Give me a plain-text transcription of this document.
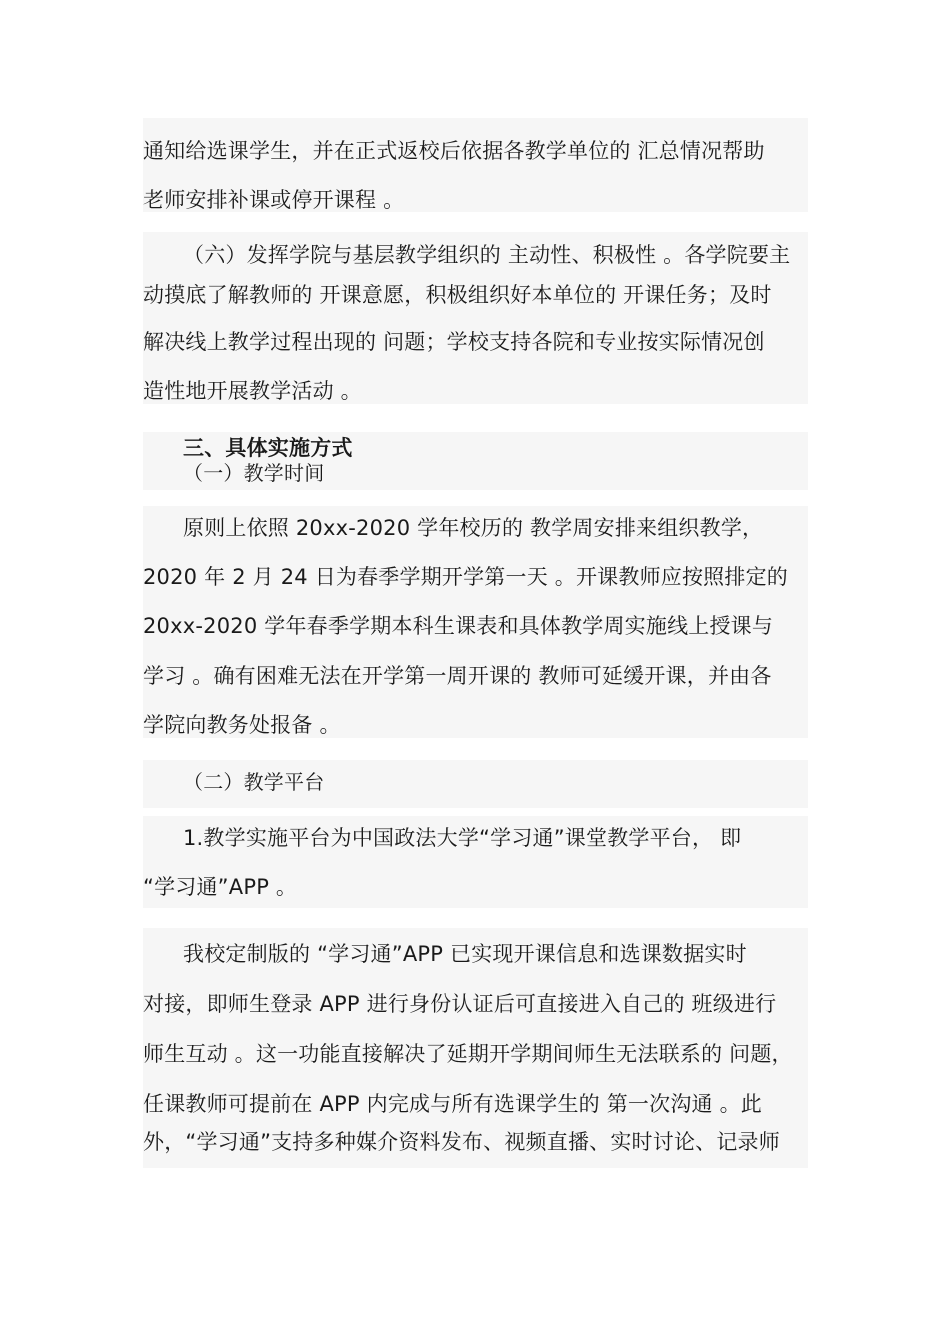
通知给选课学生，并在正式返校后依据各教学单位的 汇总情况帮助
老师安排补课或停开课程 。
（六）发挥学院与基层教学组织的 主动性、积极性 。各学院要主
动摸底了解教师的 开课意愿，积极组织好本单位的 开课任务；及时
解决线上教学过程出现的 问题；学校支持各院和专业按实际情况创
造性地开展教学活动 。
三、具体实施方式
（一）教学时间
原则上依照 20xx-2020 学年校历的 教学周安排来组织教学，
2020 年 2 月 24 日为春季学期开学第一天 。开课教师应按照排定的
20xx-2020 学年春季学期本科生课表和具体教学周实施线上授课与
学习 。确有困难无法在开学第一周开课的 教师可延缓开课，并由各
学院向教务处报备 。
（二）教学平台
1.教学实施平台为中国政法大学“学习通”课堂教学平台， 即
“学习通”APP 。
我校定制版的 “学习通”APP 已实现开课信息和选课数据实时
对接，即师生登录 APP 进行身份认证后可直接进入自己的 班级进行
师生互动 。这一功能直接解决了延期开学期间师生无法联系的 问题，
任课教师可提前在 APP 内完成与所有选课学生的 第一次沟通 。此
外，“学习通”支持多种媒介资料发布、视频直播、实时讨论、记录师
